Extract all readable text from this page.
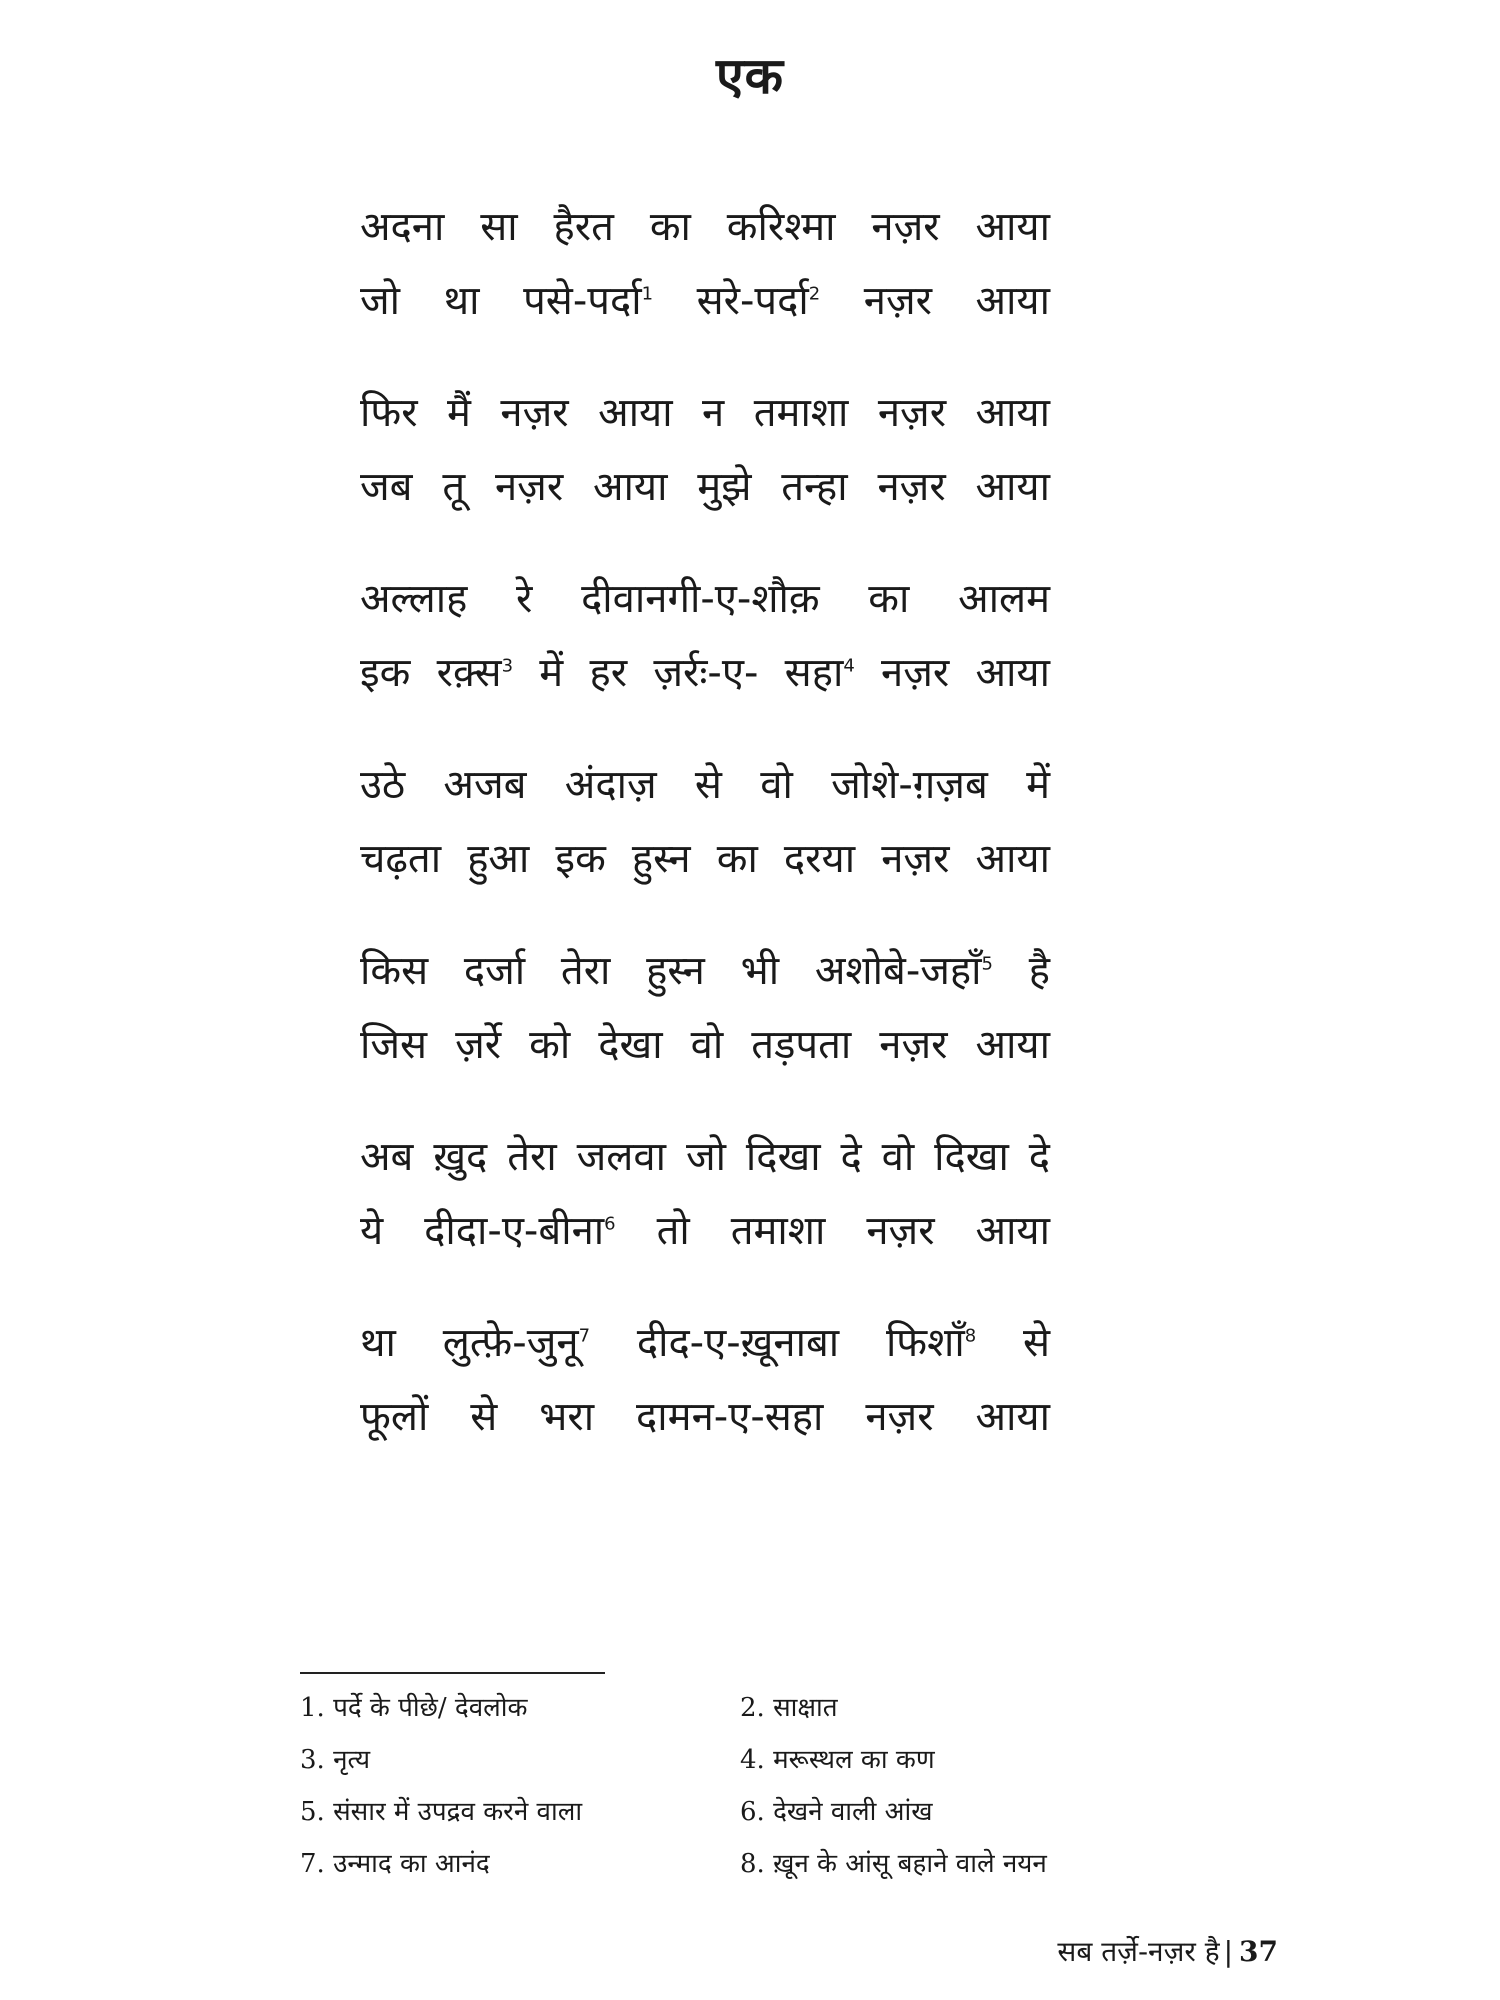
एक
अदना सा हैरत का करिश्मा नज़र आया
जो था पसे-पर्दा$^1$ सरे-पर्दा$^2$ नज़र आया
फिर मैं नज़र आया न तमाशा नज़र आया
जब तू नज़र आया मुझे तन्हा नज़र आया
अल्लाह रे दीवानगी-ए-शौक़ का आलम
इक रक़्स$^3$ में हर ज़र्रः-ए- सहा$^4$ नज़र आया
उठे अजब अंदाज़ से वो जोशे-ग़ज़ब में
चढ़ता हुआ इक हुस्न का दरया नज़र आया
किस दर्जा तेरा हुस्न भी अशोबे-जहाँ$^5$ है
जिस ज़र्रे को देखा वो तड़पता नज़र आया
अब ख़ुद तेरा जलवा जो दिखा दे वो दिखा दे
ये दीदा-ए-बीना$^6$ तो तमाशा नज़र आया
था लुत्फ़े-जुनू$^7$ दीद-ए-ख़ूनाबा फिशाँ$^8$ से
फूलों से भरा दामन-ए-सहा नज़र आया
1. पर्दे के पीछे/ देवलोक	2. साक्षात
3. नृत्य	4. मरूस्थल का कण
5. संसार में उपद्रव करने वाला	6. देखने वाली आंख
7. उन्माद का आनंद	8. ख़ून के आंसू बहाने वाले नयन
सब तर्ज़े-नज़र है | 37
